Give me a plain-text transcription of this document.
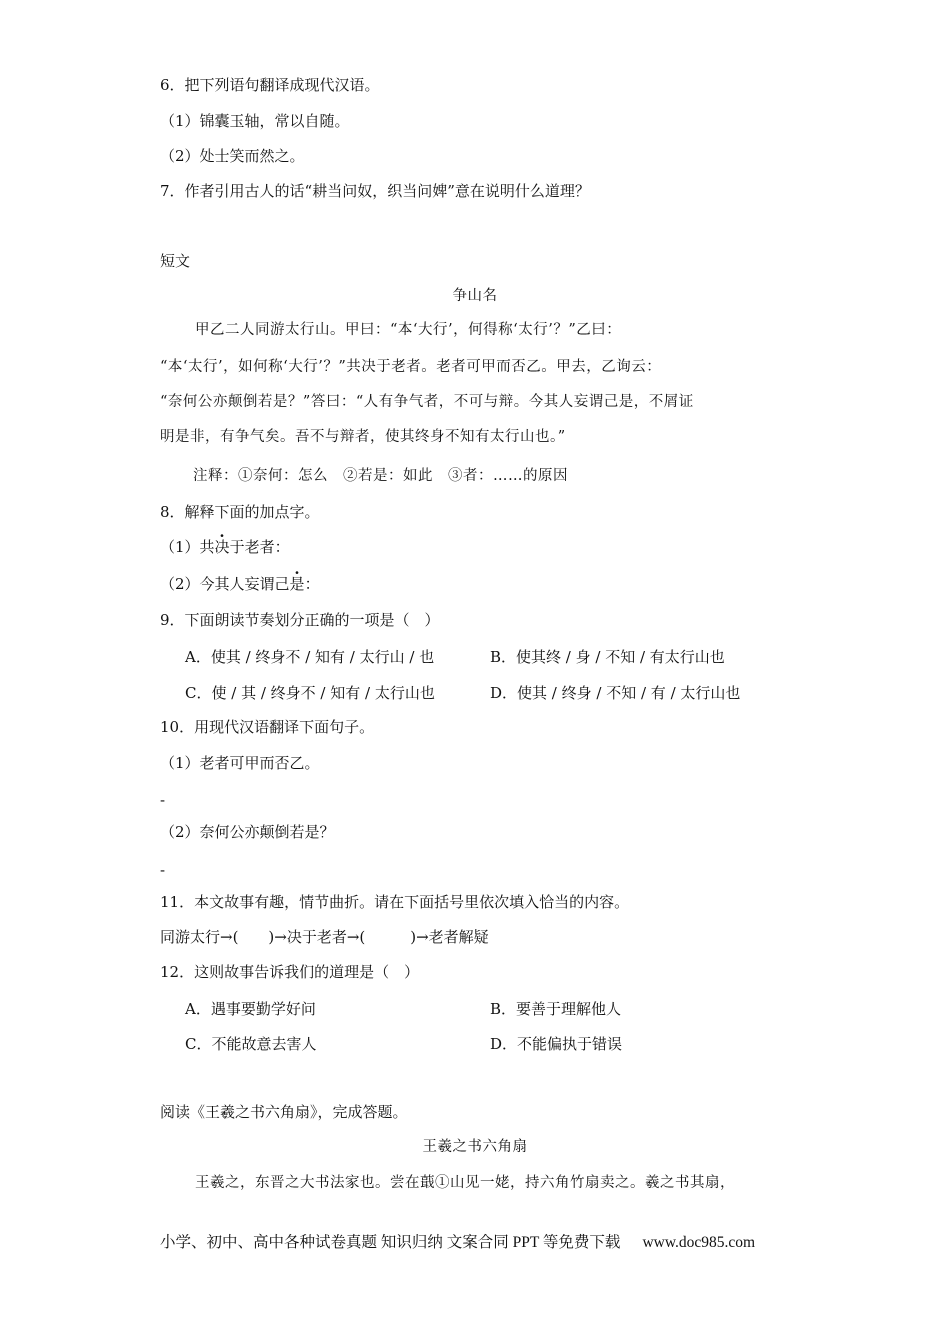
6．把下列语句翻译成现代汉语。
（1）锦囊玉轴，常以自随。
（2）处士笑而然之。
7．作者引用古人的话“耕当问奴，织当问婢”意在说明什么道理？
短文
争山名
甲乙二人同游太行山。甲曰：“本‘大行’，何得称‘太行’？”乙曰：
“本‘太行’，如何称‘大行’？”共决于老者。老者可甲而否乙。甲去，乙询云：
“奈何公亦颠倒若是？”答曰：“人有争气者，不可与辩。今其人妄谓己是，不屑证
明是非，有争气矣。吾不与辩者，使其终身不知有太行山也。”
注释：①奈何：怎么　②若是：如此　③者：……的原因
8．解释下面的加点字。
（1）共决于老者：
（2）今其人妄谓己是：
9．下面朗读节奏划分正确的一项是（　）
A．使其 / 终身不 / 知有 / 太行山 / 也	B．使其终 / 身 / 不知 / 有太行山也
C．使 / 其 / 终身不 / 知有 / 太行山也	D．使其 / 终身 / 不知 / 有 / 太行山也
10．用现代汉语翻译下面句子。
（1）老者可甲而否乙。
-
（2）奈何公亦颠倒若是？
-
11．本文故事有趣，情节曲折。请在下面括号里依次填入恰当的内容。
同游太行→(　　)→决于老者→(　　　)→老者解疑
12．这则故事告诉我们的道理是（　）
A．遇事要勤学好问	B．要善于理解他人
C．不能故意去害人	D．不能偏执于错误
阅读《王羲之书六角扇》，完成答题。
王羲之书六角扇
王羲之，东晋之大书法家也。尝在蕺①山见一姥，持六角竹扇卖之。羲之书其扇，
小学、初中、高中各种试卷真题 知识归纳 文案合同 PPT 等免费下载 www.doc985.com
